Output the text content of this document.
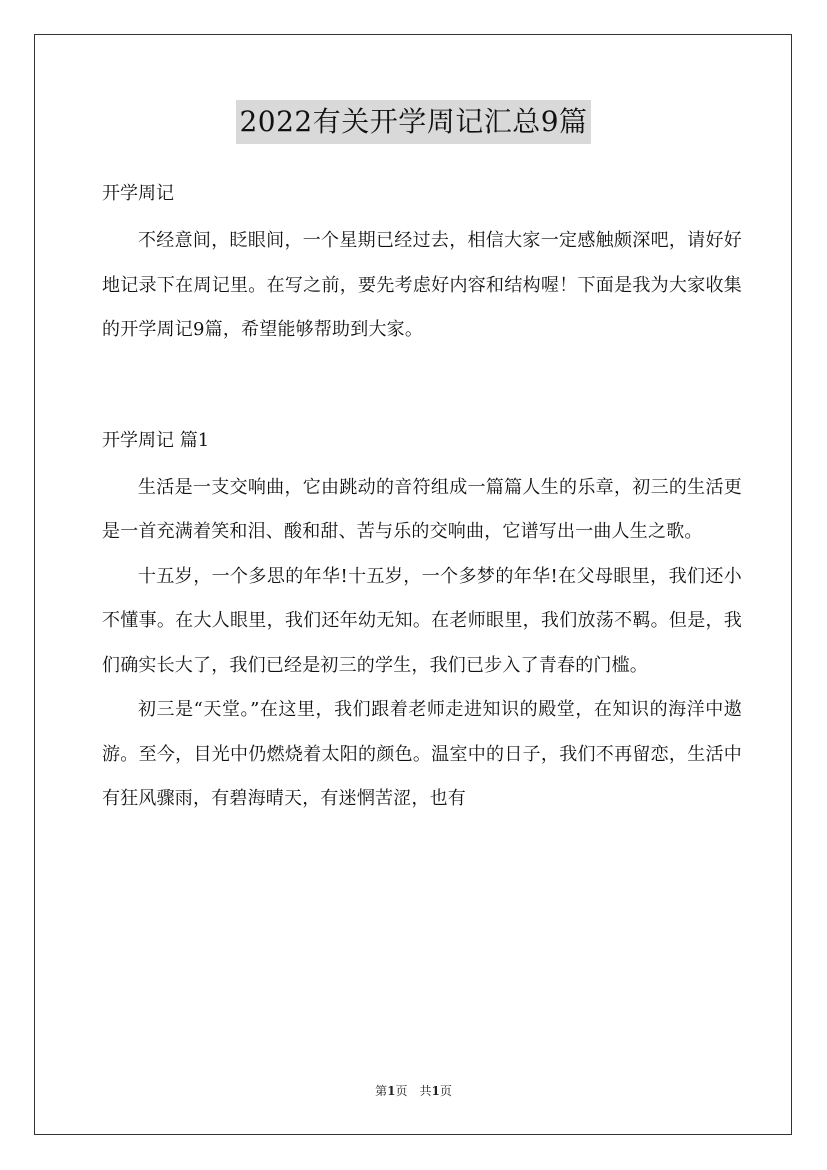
2022有关开学周记汇总9篇

开学周记

不经意间，眨眼间，一个星期已经过去，相信大家一定感触颇深吧，请好好地记录下在周记里。在写之前，要先考虑好内容和结构喔！下面是我为大家收集的开学周记9篇，希望能够帮助到大家。

开学周记 篇1

生活是一支交响曲，它由跳动的音符组成一篇篇人生的乐章，初三的生活更是一首充满着笑和泪、酸和甜、苦与乐的交响曲，它谱写出一曲人生之歌。

十五岁，一个多思的年华!十五岁，一个多梦的年华!在父母眼里，我们还小不懂事。在大人眼里，我们还年幼无知。在老师眼里，我们放荡不羁。但是，我们确实长大了，我们已经是初三的学生，我们已步入了青春的门槛。

初三是“天堂。”在这里，我们跟着老师走进知识的殿堂，在知识的海洋中遨游。至今，目光中仍燃烧着太阳的颜色。温室中的日子，我们不再留恋，生活中有狂风骤雨，有碧海晴天，有迷惘苦涩，也有

第1页　共1页
